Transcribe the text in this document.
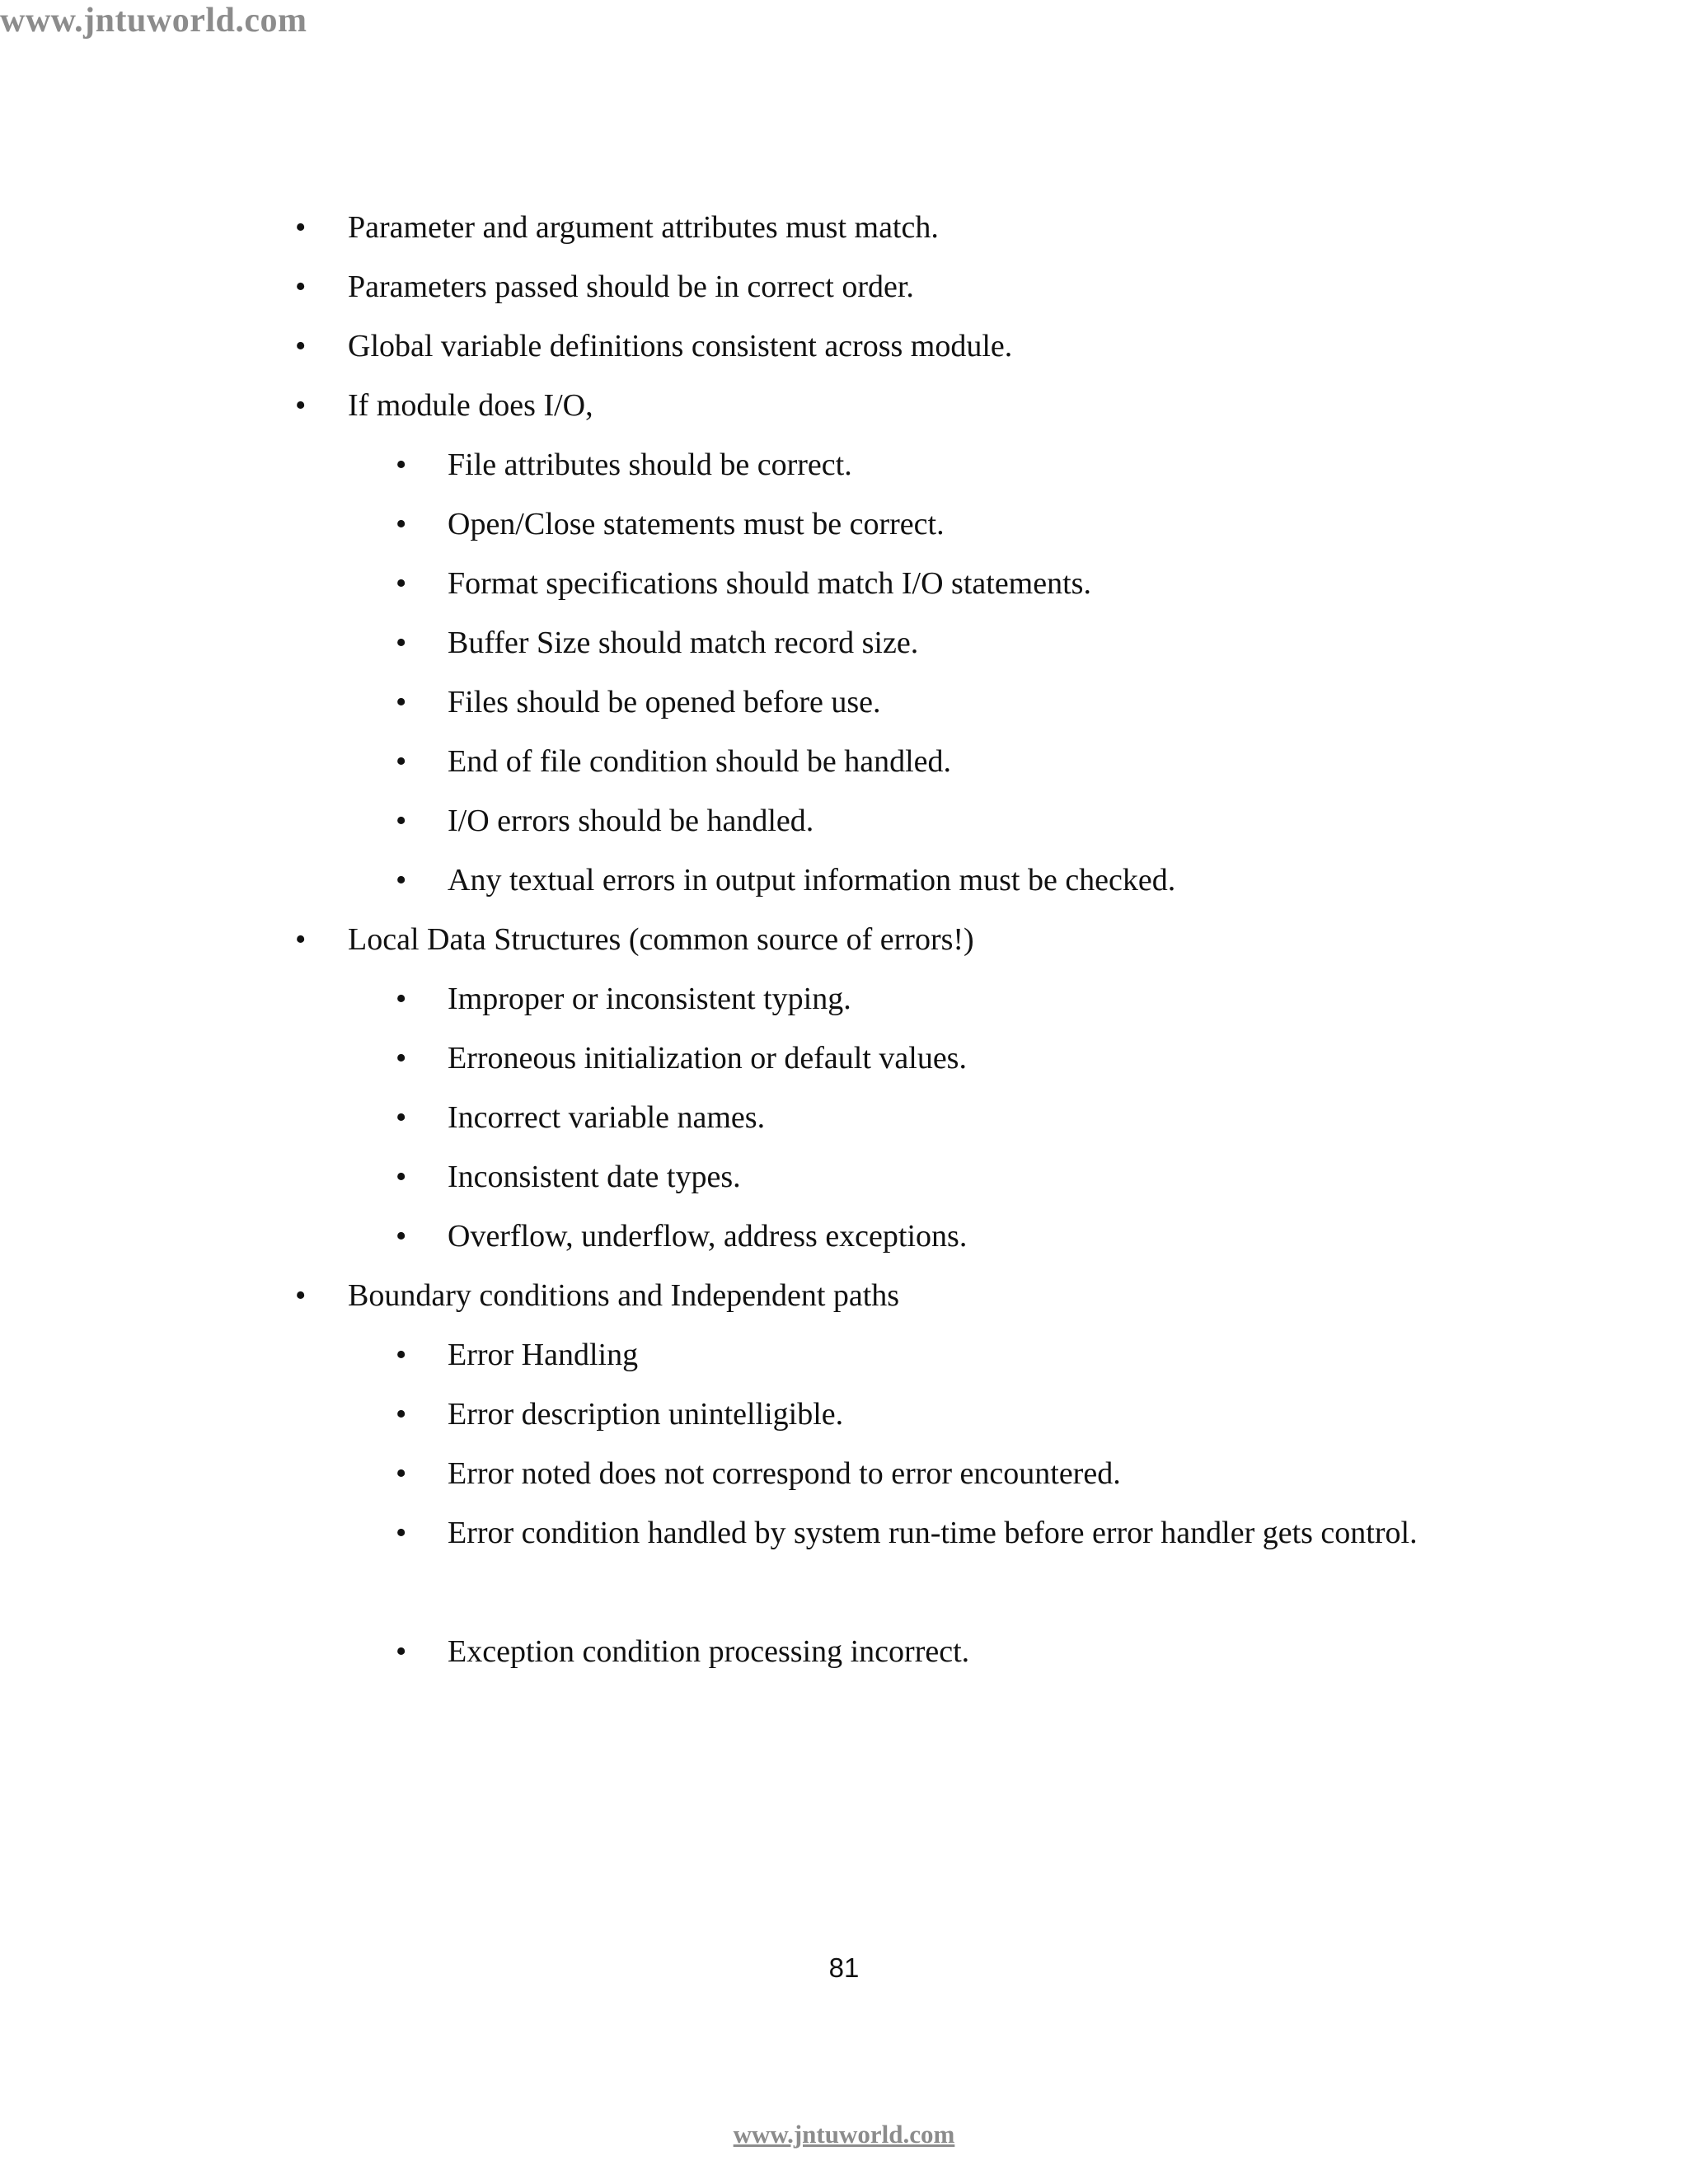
www.jntuworld.com
• Parameter and argument attributes must match.
• Parameters passed should be in correct order.
• Global variable definitions consistent across module.
• If module does I/O,
• File attributes should be correct.
• Open/Close statements must be correct.
• Format specifications should match I/O statements.
• Buffer Size should match record size.
• Files should be opened before use.
• End of file condition should be handled.
• I/O errors should be handled.
• Any textual errors in output information must be checked.
• Local Data Structures (common source of errors!)
• Improper or inconsistent typing.
• Erroneous initialization or default values.
• Incorrect variable names.
• Inconsistent date types.
• Overflow, underflow, address exceptions.
• Boundary conditions and Independent paths
• Error Handling
• Error description unintelligible.
• Error noted does not correspond to error encountered.
• Error condition handled by system run-time before error handler gets control.
• Exception condition processing incorrect.
81
www.jntuworld.com
